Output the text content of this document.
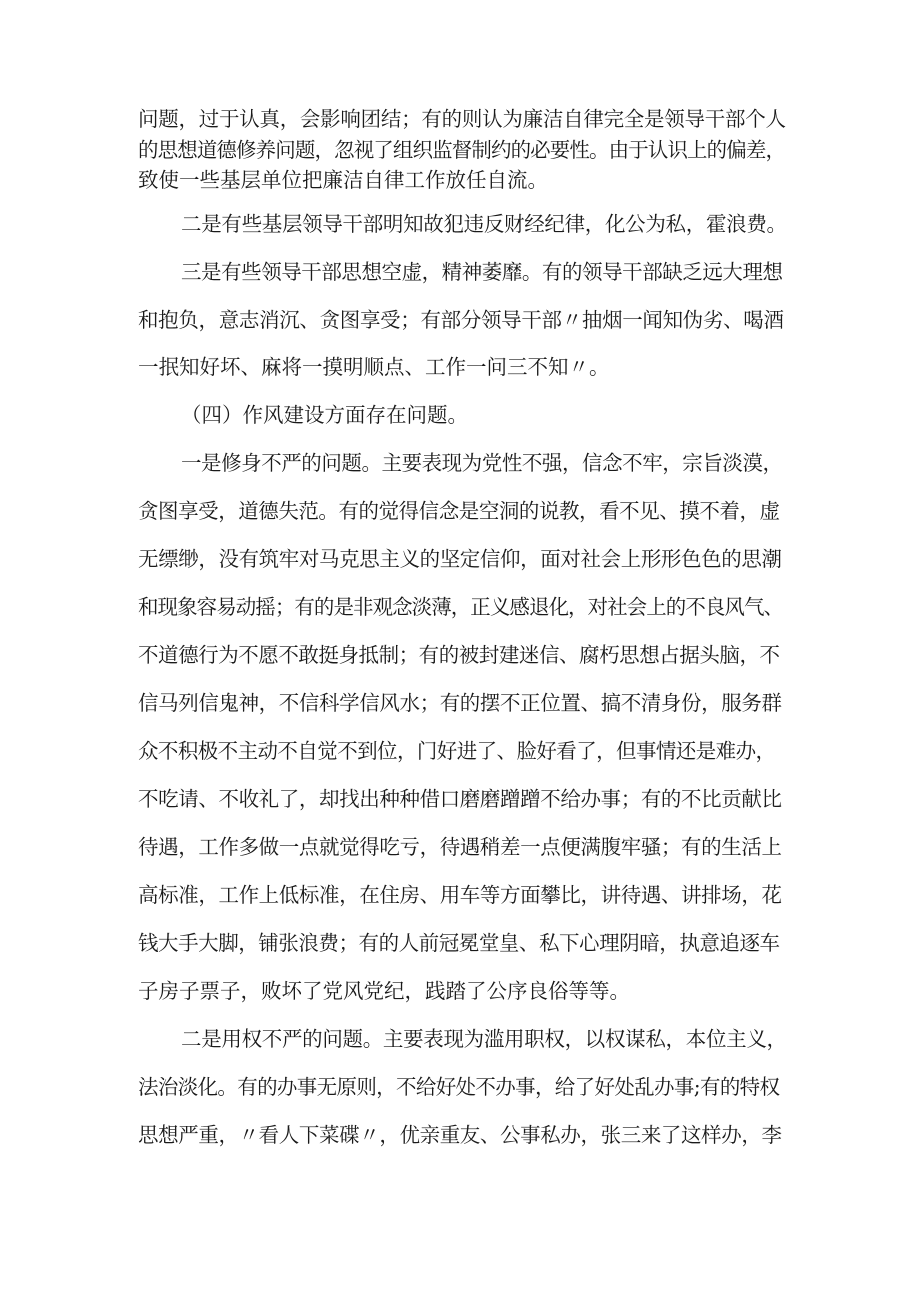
问题，过于认真，会影响团结；有的则认为廉洁自律完全是领导干部个人
的思想道德修养问题，忽视了组织监督制约的必要性。由于认识上的偏差，
致使一些基层单位把廉洁自律工作放任自流。
二是有些基层领导干部明知故犯违反财经纪律，化公为私，霍浪费。
三是有些领导干部思想空虚，精神萎靡。有的领导干部缺乏远大理想
和抱负，意志消沉、贪图享受；有部分领导干部〃抽烟一闻知伪劣、喝酒
一抿知好坏、麻将一摸明顺点、工作一问三不知〃。
（四）作风建设方面存在问题。
一是修身不严的问题。主要表现为党性不强，信念不牢，宗旨淡漠，
贪图享受，道德失范。有的觉得信念是空洞的说教，看不见、摸不着，虚
无缥缈，没有筑牢对马克思主义的坚定信仰，面对社会上形形色色的思潮
和现象容易动摇；有的是非观念淡薄，正义感退化，对社会上的不良风气、
不道德行为不愿不敢挺身抵制；有的被封建迷信、腐朽思想占据头脑，不
信马列信鬼神，不信科学信风水；有的摆不正位置、搞不清身份，服务群
众不积极不主动不自觉不到位，门好进了、脸好看了，但事情还是难办，
不吃请、不收礼了，却找出种种借口磨磨蹭蹭不给办事；有的不比贡献比
待遇，工作多做一点就觉得吃亏，待遇稍差一点便满腹牢骚；有的生活上
高标准，工作上低标准，在住房、用车等方面攀比，讲待遇、讲排场，花
钱大手大脚，铺张浪费；有的人前冠冕堂皇、私下心理阴暗，执意追逐车
子房子票子，败坏了党风党纪，践踏了公序良俗等等。
二是用权不严的问题。主要表现为滥用职权，以权谋私，本位主义，
法治淡化。有的办事无原则，不给好处不办事，给了好处乱办事;有的特权
思想严重，〃看人下菜碟〃，优亲重友、公事私办，张三来了这样办，李
